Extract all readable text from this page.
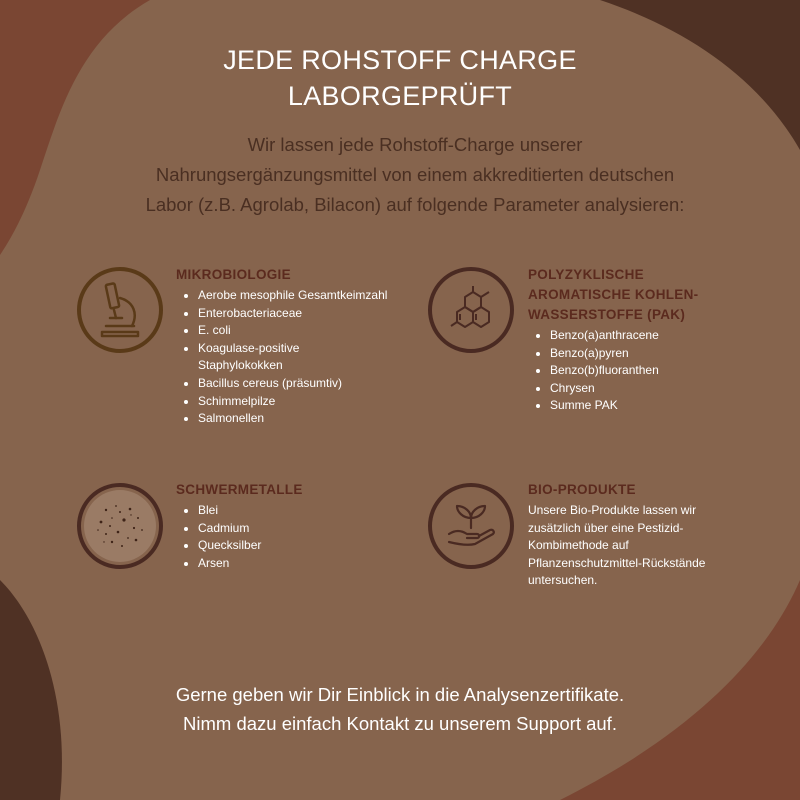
JEDE ROHSTOFF CHARGE
LABORGEPRÜFT
Wir lassen jede Rohstoff-Charge unserer
Nahrungsergänzungsmittel von einem akkreditierten deutschen
Labor (z.B. Agrolab, Bilacon) auf folgende Parameter analysieren:
MIKROBIOLOGIE
• Aerobe mesophile Gesamtkeimzahl
• Enterobacteriaceae
• E. coli
• Koagulase-positive Staphylokokken
• Bacillus cereus (präsumtiv)
• Schimmelpilze
• Salmonellen
POLYZYKLISCHE
AROMATISCHE KOHLEN-
WASSERSTOFFE (PAK)
• Benzo(a)anthracene
• Benzo(a)pyren
• Benzo(b)fluoranthen
• Chrysen
• Summe PAK
SCHWERMETALLE
• Blei
• Cadmium
• Quecksilber
• Arsen
BIO-PRODUKTE
Unsere Bio-Produkte lassen wir
zusätzlich über eine Pestizid-
Kombimethode auf
Pflanzenschutzmittel-Rückstände
untersuchen.
Gerne geben wir Dir Einblick in die Analysenzertifikate.
Nimm dazu einfach Kontakt zu unserem Support auf.
